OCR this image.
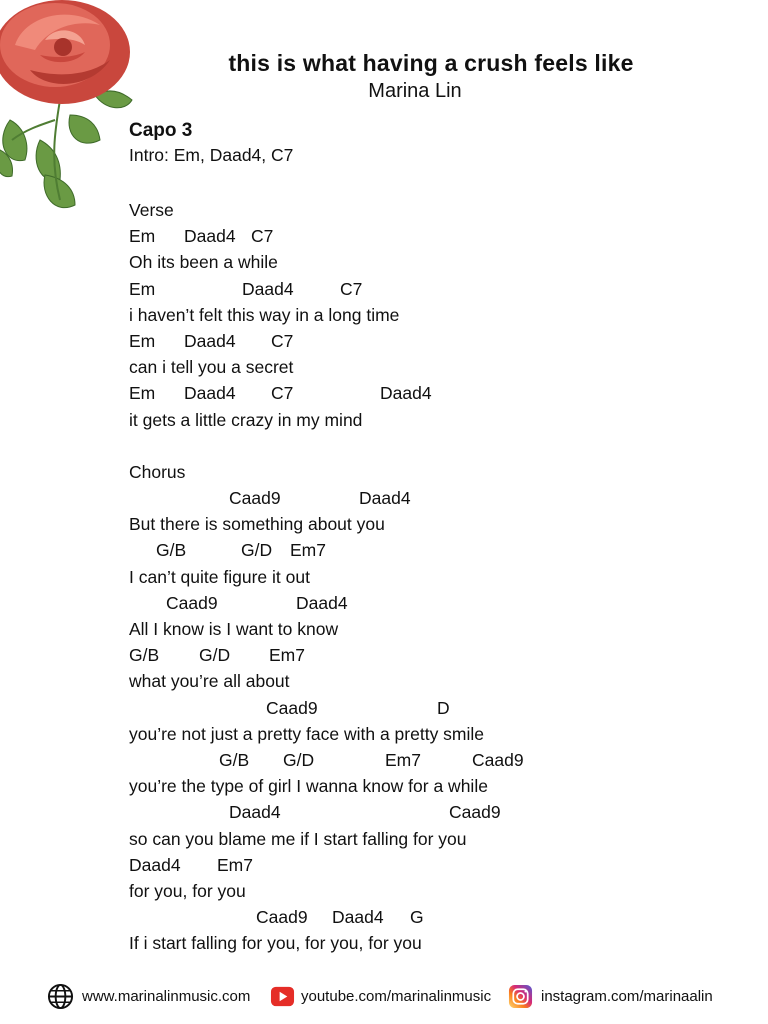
this is what having a crush feels like
Marina Lin
Capo 3
Intro: Em, Daad4, C7
Verse
Em Daad4 C7
Oh its been a while
Em	Daad4	C7
i haven’t felt this way in a long time
Em Daad4 C7
can i tell you a secret
Em Daad4 C7	Daad4
it gets a little crazy in my mind
Chorus
Caad9	Daad4
But there is something about you
G/B	G/D Em7
I can’t quite figure it out
Caad9	Daad4
All I know is I want to know
G/B G/D Em7
what you’re all about
Caad9	D
you’re not just a pretty face with a pretty smile
G/B G/D	Em7	Caad9
you’re the type of girl I wanna know for a while
Daad4	Caad9
so can you blame me if I start falling for you
Daad4 Em7
for you, for you
Caad9 Daad4 G
If i start falling for you, for you, for you
www.marinalinmusic.com	youtube.com/marinalinmusic	instagram.com/marinaalin
